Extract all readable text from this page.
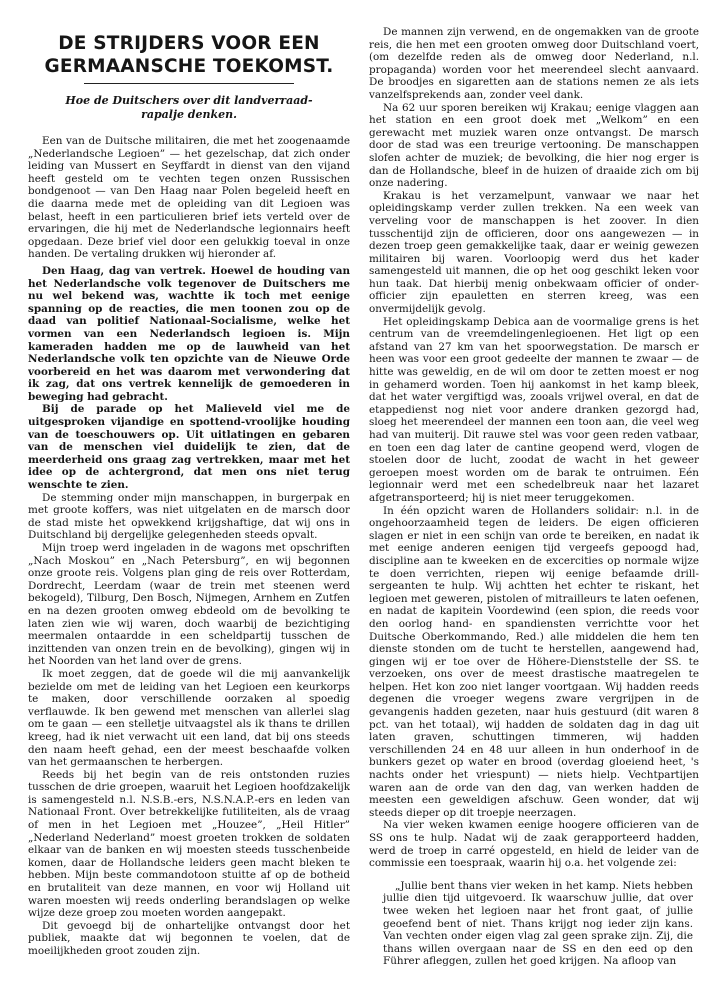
DE STRIJDERS VOOR EEN
GERMAANSCHE TOEKOMST.
Hoe de Duitschers over dit landverraad-rapalje denken.

Een van de Duitsche militairen, die met het zoogenaamde „Nederlandsche Legioen” — het gezelschap, dat zich onder leiding van Mussert en Seyffardt in dienst van den vijand heeft gesteld om te vechten tegen onzen Russischen bondgenoot — van Den Haag naar Polen begeleid heeft en die daarna mede met de opleiding van dit Legioen was belast, heeft in een particulieren brief iets verteld over de ervaringen, die hij met de Nederlandsche legionnairs heeft opgedaan. Deze brief viel door een gelukkig toeval in onze handen. De vertaling drukken wij hieronder af.

Den Haag, dag van vertrek. Hoewel de houding van het Nederlandsche volk tegenover de Duitschers me nu wel bekend was, wachtte ik toch met eenige spanning op de reacties, die men toonen zou op de daad van politief Nationaal-Socialisme, welke het vormen van een Nederlandsch legioen is. Mijn kameraden hadden me op de lauwheid van het Nederlandsche volk ten opzichte van de Nieuwe Orde voorbereid en het was daarom met verwondering dat ik zag, dat ons vertrek kennelijk de gemoederen in beweging had gebracht.

Bij de parade op het Malieveld viel me de uitgesproken vijandige en spottend-vroolijke houding van de toeschouwers op. Uit uitlatingen en gebaren van de menschen viel duidelijk te zien, dat de meerderheid ons graag zag vertrekken, maar met het idee op de achtergrond, dat men ons niet terug wenschte te zien.

De stemming onder mijn manschappen, in burgerpak en met groote koffers, was niet uitgelaten en de marsch door de stad miste het opwekkend krijgshaftige, dat wij ons in Duitschland bij dergelijke gelegenheden steeds opvalt.

Mijn troep werd ingeladen in de wagons met opschriften „Nach Moskou” en „Nach Petersburg”, en wij begonnen onze groote reis. Volgens plan ging de reis over Rotterdam, Dordrecht, Leerdam (waar de trein met steenen werd bekogeld), Tilburg, Den Bosch, Nijmegen, Arnhem en Zutfen en na dezen grooten omweg ebdeold om de bevolking te laten zien wie wij waren, doch waarbij de bezichtiging meermalen ontaardde in een scheldpartij tusschen de inzittenden van onzen trein en de bevolking), gingen wij in het Noorden van het land over de grens.

Ik moet zeggen, dat de goede wil die mij aanvankelijk bezielde om met de leiding van het Legioen een keurkorps te maken, door verschillende oorzaken al spoedig verflauwde. Ik ben gewend met menschen van allerlei slag om te gaan — een stelletje uitvaagstel als ik thans te drillen kreeg, had ik niet verwacht uit een land, dat bij ons steeds den naam heeft gehad, een der meest beschaafde volken van het germaanschen te herbergen.

Reeds bij het begin van de reis ontstonden ruzies tusschen de drie groepen, waaruit het Legioen hoofdzakelijk is samengesteld n.l. N.S.B.-ers, N.S.N.A.P.-ers en leden van Nationaal Front. Over betrekkelijke futiliteiten, als de vraag of men in het Legioen met „Houzee”, „Heil Hitler” „Nederland Nederland” moest groeten trokken de soldaten elkaar van de banken en wij moesten steeds tusschenbeide komen, daar de Hollandsche leiders geen macht bleken te hebben. Mijn beste commandotoon stuitte af op de botheid en brutaliteit van deze mannen, en voor wij Holland uit waren moesten wij reeds onderling berandslagen op welke wijze deze groep zou moeten worden aangepakt.

Dit gevoegd bij de onhartelijke ontvangst door het publiek, maakte dat wij begonnen te voelen, dat de moeilijkheden groot zouden zijn.

De mannen zijn verwend, en de ongemakken van de groote reis, die hen met een grooten omweg door Duitschland voert, (om dezelfde reden als de omweg door Nederland, n.l. propaganda) worden voor het meerendeel slecht aanvaard. De broodjes en sigaretten aan de stations nemen ze als iets vanzelfsprekends aan, zonder veel dank.

Na 62 uur sporen bereiken wij Krakau; eenige vlaggen aan het station en een groot doek met „Welkom” en een gerewacht met muziek waren onze ontvangst. De marsch door de stad was een treurige vertooning. De manschappen slofen achter de muziek; de bevolking, die hier nog erger is dan de Hollandsche, bleef in de huizen of draaide zich om bij onze nadering.

Krakau is het verzamelpunt, vanwaar we naar het opleidingskamp verder zullen trekken. Na een week van verveling voor de manschappen is het zoover. In dien tusschentijd zijn de officieren, door ons aangewezen — in dezen troep geen gemakkelijke taak, daar er weinig gewezen militairen bij waren. Voorloopig werd dus het kader samengesteld uit mannen, die op het oog geschikt leken voor hun taak. Dat hierbij menig onbekwaam officier of onder-officier zijn epauletten en sterren kreeg, was een onvermijdelijk gevolg.

Het opleidingskamp Debica aan de voormalige grens is het centrum van de vreemdelingenlegioenen. Het ligt op een afstand van 27 km van het spoorwegstation. De marsch er heen was voor een groot gedeelte der mannen te zwaar — de hitte was geweldig, en de wil om door te zetten moest er nog in gehamerd worden. Toen hij aankomst in het kamp bleek, dat het water vergiftigd was, zooals vrijwel overal, en dat de etappedienst nog niet voor andere dranken gezorgd had, sloeg het meerendeel der mannen een toon aan, die veel weg had van muiterij. Dit rauwe stel was voor geen reden vatbaar, en toen een dag later de cantine geopend werd, vlogen de stoelen door de lucht, zoodat de wacht in het geweer geroepen moest worden om de barak te ontruimen. Eén legionnair werd met een schedelbreuk naar het lazaret afgetransporteerd; hij is niet meer teruggekomen.

In één opzicht waren de Hollanders solidair: n.l. in de ongehoorzaamheid tegen de leiders. De eigen officieren slagen er niet in een schijn van orde te bereiken, en nadat ik met eenige anderen eenigen tijd vergeefs gepoogd had, discipline aan te kweeken en de excercities op normale wijze te doen verrichten, riepen wij eenige befaamde drill-sergeanten te hulp. Wij achtten het echter te riskant, het legioen met geweren, pistolen of mitrailleurs te laten oefenen, en nadat de kapitein Voordewind (een spion, die reeds voor den oorlog hand- en spandiensten verrichtte voor het Duitsche Oberkommando, Red.) alle middelen die hem ten dienste stonden om de tucht te herstellen, aangewend had, gingen wij er toe over de Höhere-Dienststelle der SS. te verzoeken, ons over de meest drastische maatregelen te helpen. Het kon zoo niet langer voortgaan. Wij hadden reeds degenen die vroeger wegens zware vergrijpen in de gevangenis hadden gezeten, naar huis gestuurd (dit waren 8 pct. van het totaal), wij hadden de soldaten dag in dag uit laten graven, schuttingen timmeren, wij hadden verschillenden 24 en 48 uur alleen in hun onderhoof in de bunkers gezet op water en brood (overdag gloeiend heet, 's nachts onder het vriespunt) — niets hielp. Vechtpartijen waren aan de orde van den dag, van werken hadden de meesten een geweldigen afschuw. Geen wonder, dat wij steeds dieper op dit troepje neerzagen.

Na vier weken kwamen eenige hoogere officieren van de SS ons te hulp. Nadat wij de zaak gerapporteerd hadden, werd de troep in carré opgesteld, en hield de leider van de commissie een toespraak, waarin hij o.a. het volgende zei:

„Jullie bent thans vier weken in het kamp. Niets hebben jullie dien tijd uitgevoerd. Ik waarschuw jullie, dat over twee weken het legioen naar het front gaat, of jullie geoefend bent of niet. Thans krijgt nog ieder zijn kans. Van vechten onder eigen vlag zal geen sprake zijn. Zij, die thans willen overgaan naar de SS en den eed op den Führer afleggen, zullen het goed krijgen. Na afloop van
